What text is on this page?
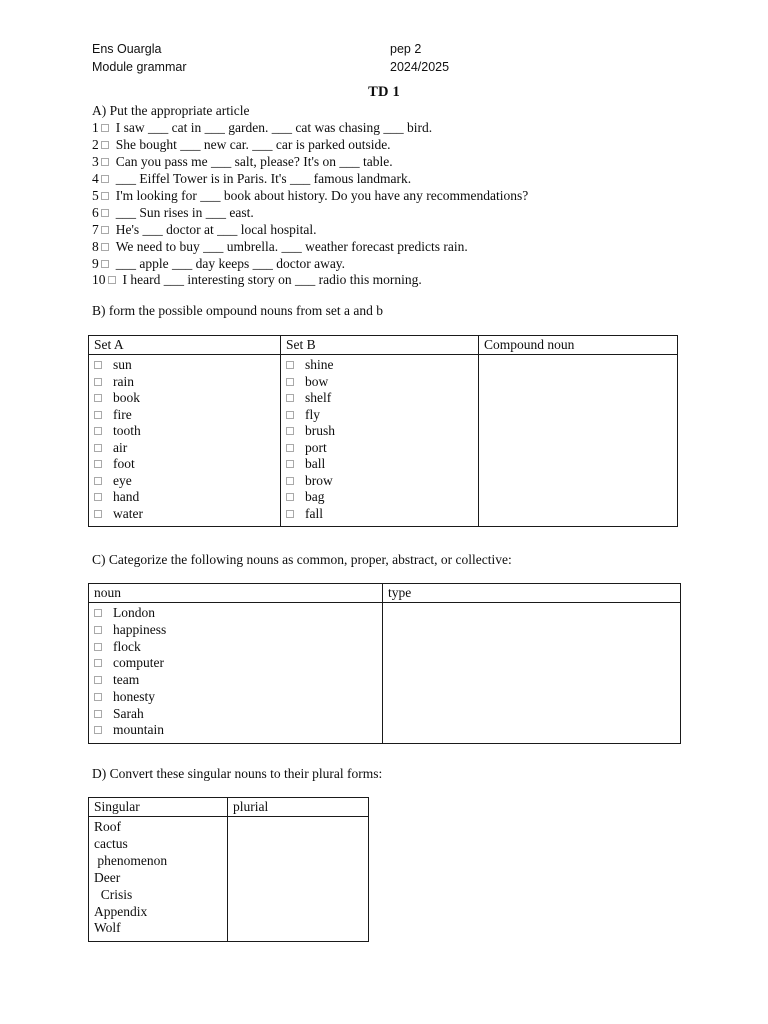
Ens Ouargla
Module grammar
pep 2
2024/2025
TD 1
A) Put the appropriate article
1 I saw ___ cat in ___ garden. ___ cat was chasing ___ bird.
2 She bought ___ new car. ___ car is parked outside.
3 Can you pass me ___ salt, please? It's on ___ table.
4 ___ Eiffel Tower is in Paris. It's ___ famous landmark.
5 I'm looking for ___ book about history. Do you have any recommendations?
6 ___ Sun rises in ___ east.
7 He's ___ doctor at ___ local hospital.
8 We need to buy ___ umbrella. ___ weather forecast predicts rain.
9 ___ apple ___ day keeps ___ doctor away.
10 I heard ___ interesting story on ___ radio this morning.
B) form the possible ompound nouns from set a and b
Set A	Set B	Compound noun

sun
rain
book
fire
tooth
air
foot
eye
hand
water

shine
bow
shelf
fly
brush
port
ball
brow
bag
fall

C) Categorize the following nouns as common, proper, abstract, or collective:
noun	type

London
happiness
flock
computer
team
honesty
Sarah
mountain

D) Convert these singular nouns to their plural forms:
Singular	plurial

Roof
cactus
phenomenon
Deer
Crisis
Appendix
Wolf
